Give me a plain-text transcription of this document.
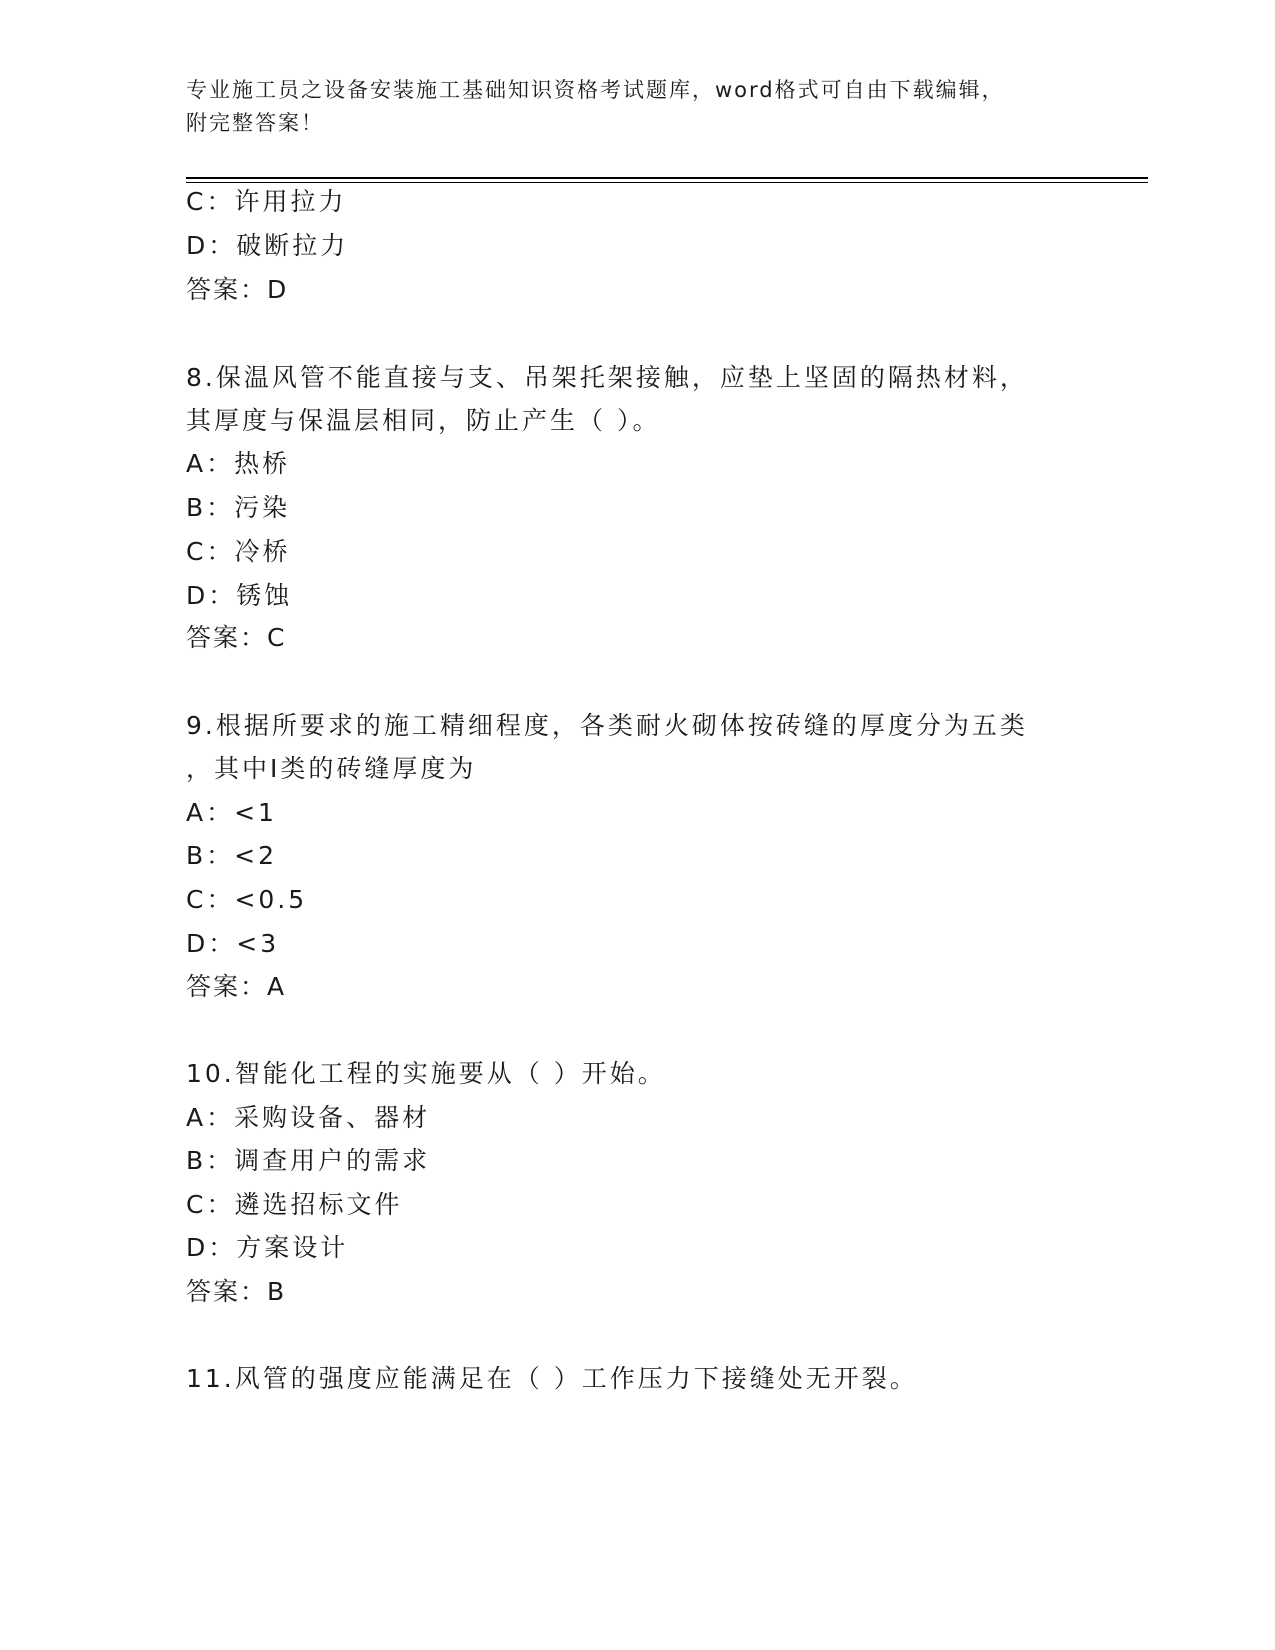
专业施工员之设备安装施工基础知识资格考试题库，word格式可自由下载编辑，
附完整答案！
C：许用拉力
D：破断拉力
答案：D
8.保温风管不能直接与支、吊架托架接触，应垫上坚固的隔热材料，
其厚度与保温层相同，防止产生（ ）。
A：热桥
B：污染
C：冷桥
D：锈蚀
答案：C
9.根据所要求的施工精细程度，各类耐火砌体按砖缝的厚度分为五类
，其中Ⅰ类的砖缝厚度为
A：<1
B：<2
C：<0.5
D：<3
答案：A
10.智能化工程的实施要从（ ）开始。
A：采购设备、器材
B：调查用户的需求
C：遴选招标文件
D：方案设计
答案：B
11.风管的强度应能满足在（ ）工作压力下接缝处无开裂。
